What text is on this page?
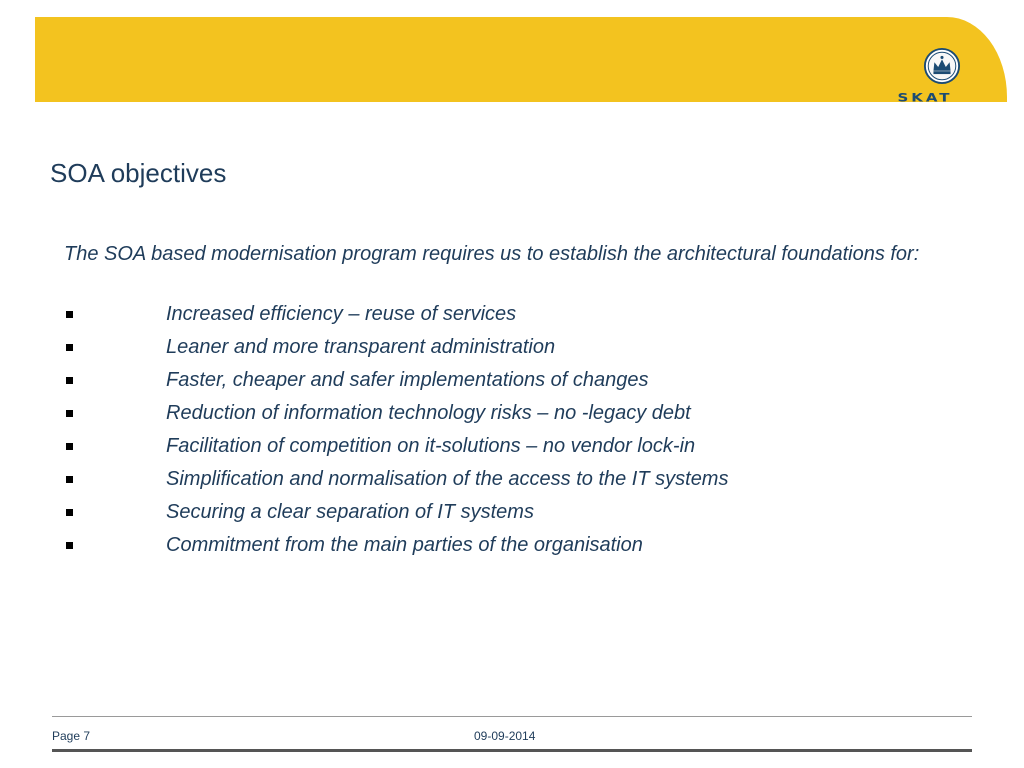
SKAT
SOA objectives
The SOA based modernisation program requires us to establish the architectural foundations for:
Increased efficiency – reuse of services
Leaner and more transparent administration
Faster, cheaper and safer implementations of changes
Reduction of information technology risks – no -legacy debt
Facilitation of competition on it-solutions – no vendor lock-in
Simplification and normalisation of the access to the IT systems
Securing a clear separation of IT systems
Commitment from the main parties of the organisation
Page 7	09-09-2014
